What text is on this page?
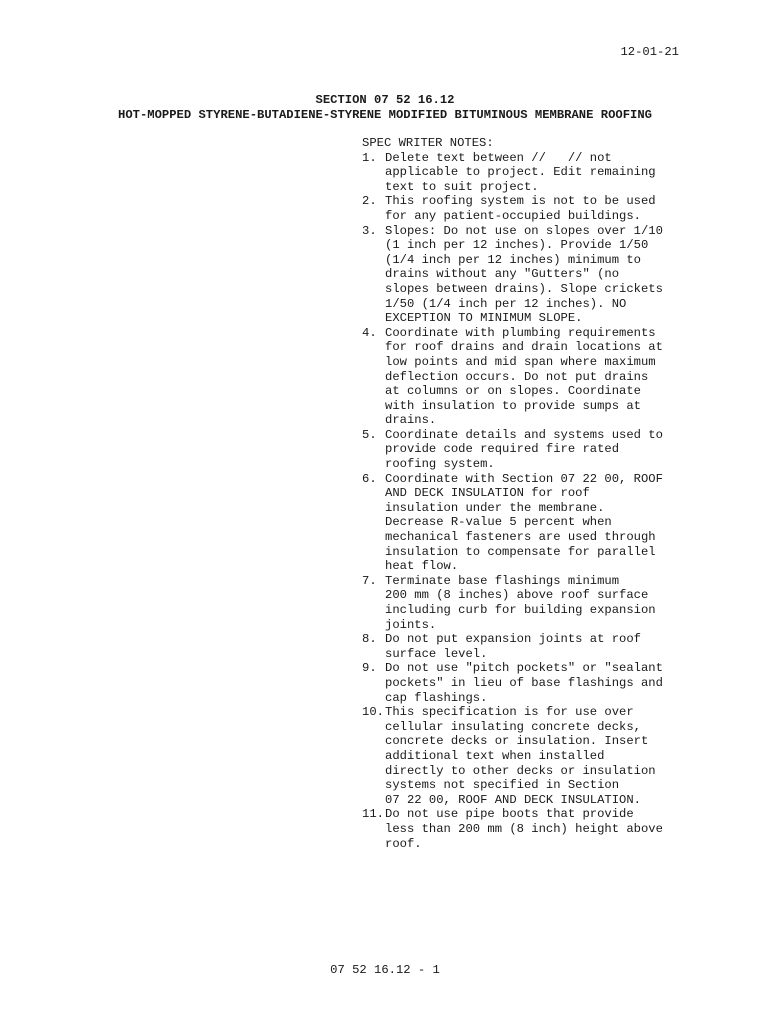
12-01-21
SECTION 07 52 16.12
HOT-MOPPED STYRENE-BUTADIENE-STYRENE MODIFIED BITUMINOUS MEMBRANE ROOFING
SPEC WRITER NOTES:
1. Delete text between //   // not
applicable to project. Edit remaining
text to suit project.
2. This roofing system is not to be used
for any patient-occupied buildings.
3. Slopes: Do not use on slopes over 1/10
(1 inch per 12 inches). Provide 1/50
(1/4 inch per 12 inches) minimum to
drains without any "Gutters" (no
slopes between drains). Slope crickets
1/50 (1/4 inch per 12 inches). NO
EXCEPTION TO MINIMUM SLOPE.
4. Coordinate with plumbing requirements
for roof drains and drain locations at
low points and mid span where maximum
deflection occurs. Do not put drains
at columns or on slopes. Coordinate
with insulation to provide sumps at
drains.
5. Coordinate details and systems used to
provide code required fire rated
roofing system.
6. Coordinate with Section 07 22 00, ROOF
AND DECK INSULATION for roof
insulation under the membrane.
Decrease R-value 5 percent when
mechanical fasteners are used through
insulation to compensate for parallel
heat flow.
7. Terminate base flashings minimum
200 mm (8 inches) above roof surface
including curb for building expansion
joints.
8. Do not put expansion joints at roof
surface level.
9. Do not use "pitch pockets" or "sealant
pockets" in lieu of base flashings and
cap flashings.
10. This specification is for use over
cellular insulating concrete decks,
concrete decks or insulation. Insert
additional text when installed
directly to other decks or insulation
systems not specified in Section
07 22 00, ROOF AND DECK INSULATION.
11. Do not use pipe boots that provide
less than 200 mm (8 inch) height above
roof.
07 52 16.12 - 1
